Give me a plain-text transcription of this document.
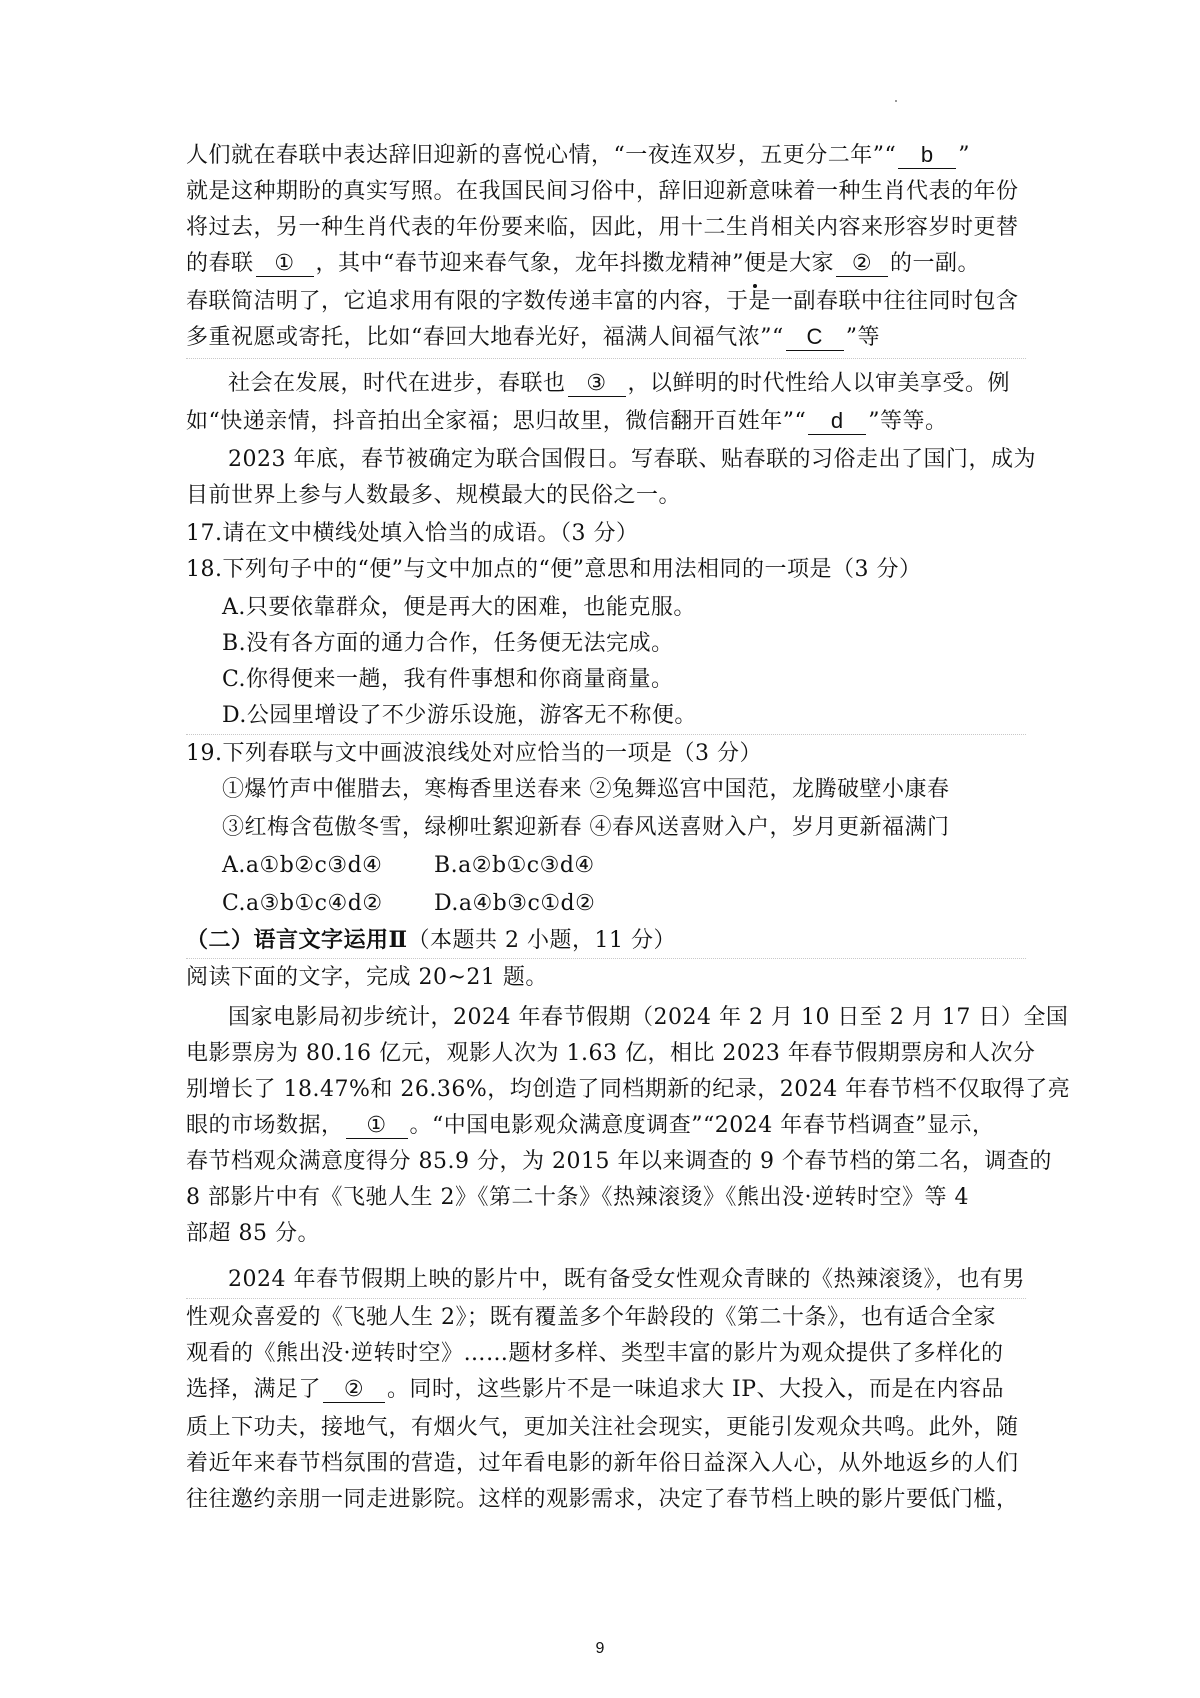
人们就在春联中表达辞旧迎新的喜悦心情，“一夜连双岁，五更分二年”“ b ”
就是这种期盼的真实写照。在我国民间习俗中，辞旧迎新意味着一种生肖代表的年份
将过去，另一种生肖代表的年份要来临，因此，用十二生肖相关内容来形容岁时更替
的春联 ① ，其中“春节迎来春气象，龙年抖擞龙精神”便是大家 ② 的一副。
春联简洁明了，它追求用有限的字数传递丰富的内容，于是一副春联中往往同时包含
多重祝愿或寄托，比如“春回大地春光好，福满人间福气浓”“ C ”等
社会在发展，时代在进步，春联也 ③ ，以鲜明的时代性给人以审美享受。例
如“快递亲情，抖音拍出全家福；思归故里，微信翻开百姓年”“ d ”等等。
2023 年底，春节被确定为联合国假日。写春联、贴春联的习俗走出了国门，成为
目前世界上参与人数最多、规模最大的民俗之一。
17.请在文中横线处填入恰当的成语。（3 分）
18.下列句子中的“便”与文中加点的“便”意思和用法相同的一项是（3 分）
A.只要依靠群众，便是再大的困难，也能克服。
B.没有各方面的通力合作，任务便无法完成。
C.你得便来一趟，我有件事想和你商量商量。
D.公园里增设了不少游乐设施，游客无不称便。
19.下列春联与文中画波浪线处对应恰当的一项是（3 分）
①爆竹声中催腊去，寒梅香里送春来 ②兔舞巡宫中国范，龙腾破壁小康春
③红梅含苞傲冬雪，绿柳吐絮迎新春 ④春风送喜财入户，岁月更新福满门
A.a①b②c③d④ B.a②b①c③d④
C.a③b①c④d② D.a④b③c①d②
（二）语言文字运用Ⅱ（本题共 2 小题，11 分）
阅读下面的文字，完成 20~21 题。
国家电影局初步统计，2024 年春节假期（2024 年 2 月 10 日至 2 月 17 日）全国
电影票房为 80.16 亿元，观影人次为 1.63 亿，相比 2023 年春节假期票房和人次分
别增长了 18.47%和 26.36%，均创造了同档期新的纪录，2024 年春节档不仅取得了亮
眼的市场数据， ① 。“中国电影观众满意度调查”“2024 年春节档调查”显示，
春节档观众满意度得分 85.9 分，为 2015 年以来调查的 9 个春节档的第二名，调查的
8 部影片中有《飞驰人生 2》《第二十条》《热辣滚烫》《熊出没·逆转时空》等 4
部超 85 分。
2024 年春节假期上映的影片中，既有备受女性观众青睐的《热辣滚烫》，也有男
性观众喜爱的《飞驰人生 2》；既有覆盖多个年龄段的《第二十条》，也有适合全家
观看的《熊出没·逆转时空》……题材多样、类型丰富的影片为观众提供了多样化的
选择，满足了 ② 。同时，这些影片不是一味追求大 IP、大投入，而是在内容品
质上下功夫，接地气，有烟火气，更加关注社会现实，更能引发观众共鸣。此外，随
着近年来春节档氛围的营造，过年看电影的新年俗日益深入人心，从外地返乡的人们
往往邀约亲朋一同走进影院。这样的观影需求，决定了春节档上映的影片要低门槛，
9
